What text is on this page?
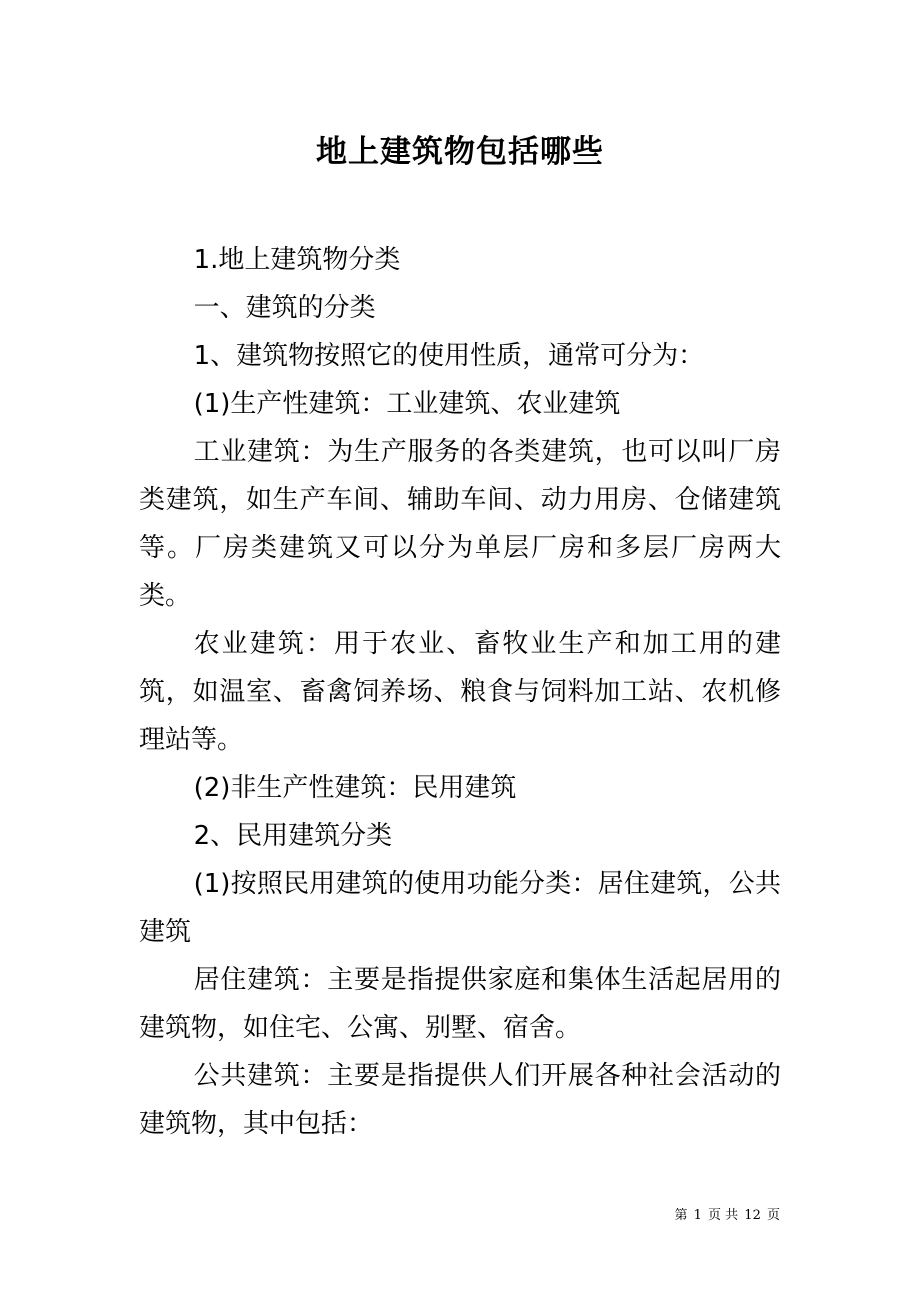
地上建筑物包括哪些

1.地上建筑物分类

一、建筑的分类

1、建筑物按照它的使用性质，通常可分为：

(1)生产性建筑：工业建筑、农业建筑

工业建筑：为生产服务的各类建筑，也可以叫厂房类建筑，如生产车间、辅助车间、动力用房、仓储建筑等。厂房类建筑又可以分为单层厂房和多层厂房两大类。

农业建筑：用于农业、畜牧业生产和加工用的建筑，如温室、畜禽饲养场、粮食与饲料加工站、农机修理站等。

(2)非生产性建筑：民用建筑

2、民用建筑分类

(1)按照民用建筑的使用功能分类：居住建筑，公共建筑

居住建筑：主要是指提供家庭和集体生活起居用的建筑物，如住宅、公寓、别墅、宿舍。

公共建筑：主要是指提供人们开展各种社会活动的建筑物，其中包括：

第 1 页 共 12 页
